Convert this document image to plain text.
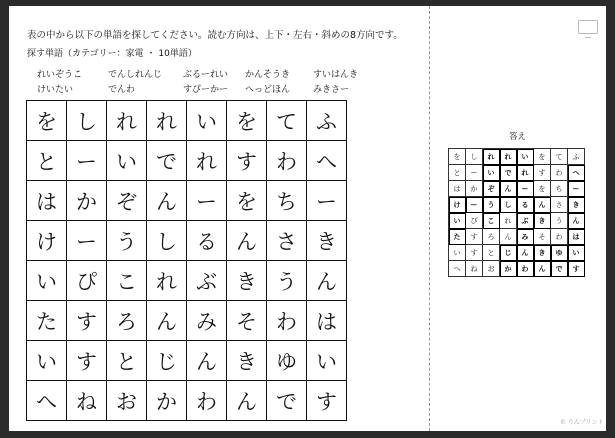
表の中から以下の単語を探してください。読む方向は、上下・左右・斜めの8方向です。
探す単語（カテゴリー：家電 ・ 10単語）
れいぞうこ	でんしれんじ ぶるーれい かんそうき	すいはんき
けいたい	でんわ	すぴーかー へっどほん	みきさー
を	し	れ	れ	い	を	て	ふ
と	ー	い	で	れ	す	わ	へ
は	か	ぞ	ん	ー	を	ち	ー
け	ー	う	し	る	ん	さ	き
い	ぴ	こ	れ	ぶ	き	う	ん
た	す	ろ	ん	み	そ	わ	は
い	す	と	じ	ん	き	ゆ	い
へ	ね	お	か	わ	ん	で	す
答え
を	し	れ	れ	い	を	て	ふ
と	ー	い	で	れ	す	わ	へ
は	か	ぞ	ん	ー	を	ち	ー
け	ー	う	し	る	ん	さ	き
い	ぴ	こ	れ	ぶ	き	う	ん
た	す	ろ	ん	み	そ	わ	は
い	す	と	じ	ん	き	ゆ	い
へ	ね	お	か	わ	ん	で	す
© りんプリント
